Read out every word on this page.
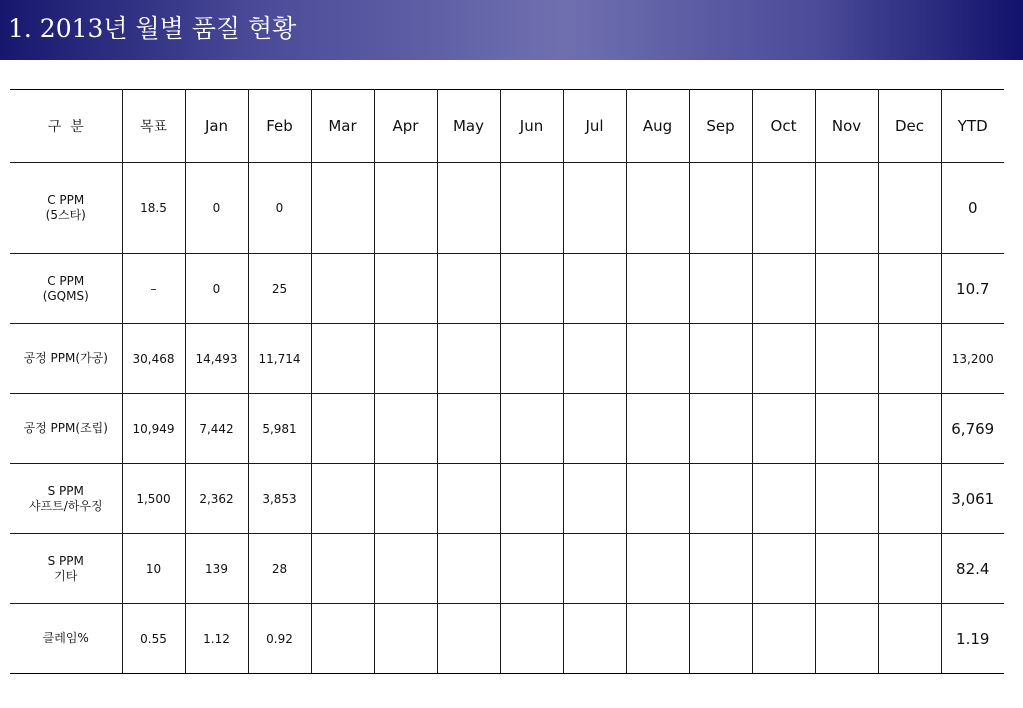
1. 2013년 월별 품질 현황
구  분	목표	Jan	Feb	Mar	Apr	May	Jun	Jul	Aug	Sep	Oct	Nov	Dec	YTD

C PPM
(5스타)	18.5	0	0											0

C PPM
(GQMS)	–	0	25											10.7

공정 PPM(가공)	30,468	14,493	11,714											13,200

공정 PPM(조립)	10,949	7,442	5,981											6,769

S PPM
샤프트/하우징	1,500	2,362	3,853											3,061

S PPM
기타	10	139	28											82.4

클레임%	0.55	1.12	0.92											1.19
